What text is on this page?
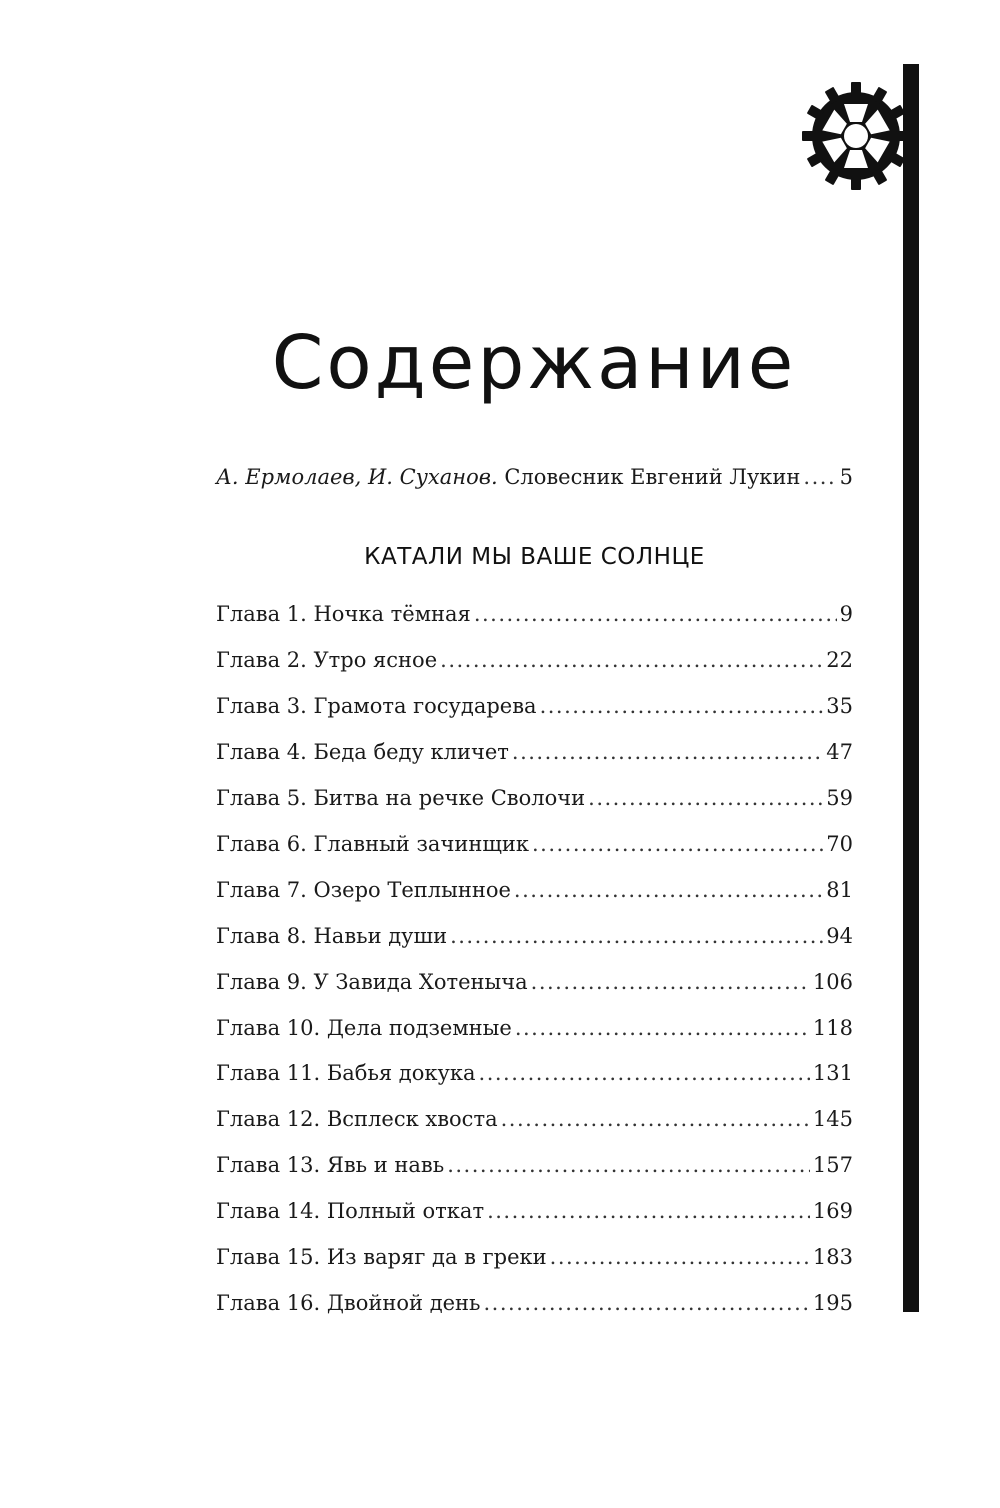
Содержание
А. Ермолаев, И. Суханов. Словесник Евгений Лукин ..... 5
КАТАЛИ МЫ ВАШЕ СОЛНЦЕ
Глава 1. Ночка тёмная .....	9
Глава 2. Утро ясное .....	22
Глава 3. Грамота государева .....	35
Глава 4. Беда беду кличет .....	47
Глава 5. Битва на речке Сволочи .....	59
Глава 6. Главный зачинщик .....	70
Глава 7. Озеро Теплынное .....	81
Глава 8. Навьи души .....	94
Глава 9. У Завида Хотеныча .....	106
Глава 10. Дела подземные .....	118
Глава 11. Бабья докука .....	131
Глава 12. Всплеск хвоста .....	145
Глава 13. Явь и навь .....	157
Глава 14. Полный откат .....	169
Глава 15. Из варяг да в греки .....	183
Глава 16. Двойной день .....	195
